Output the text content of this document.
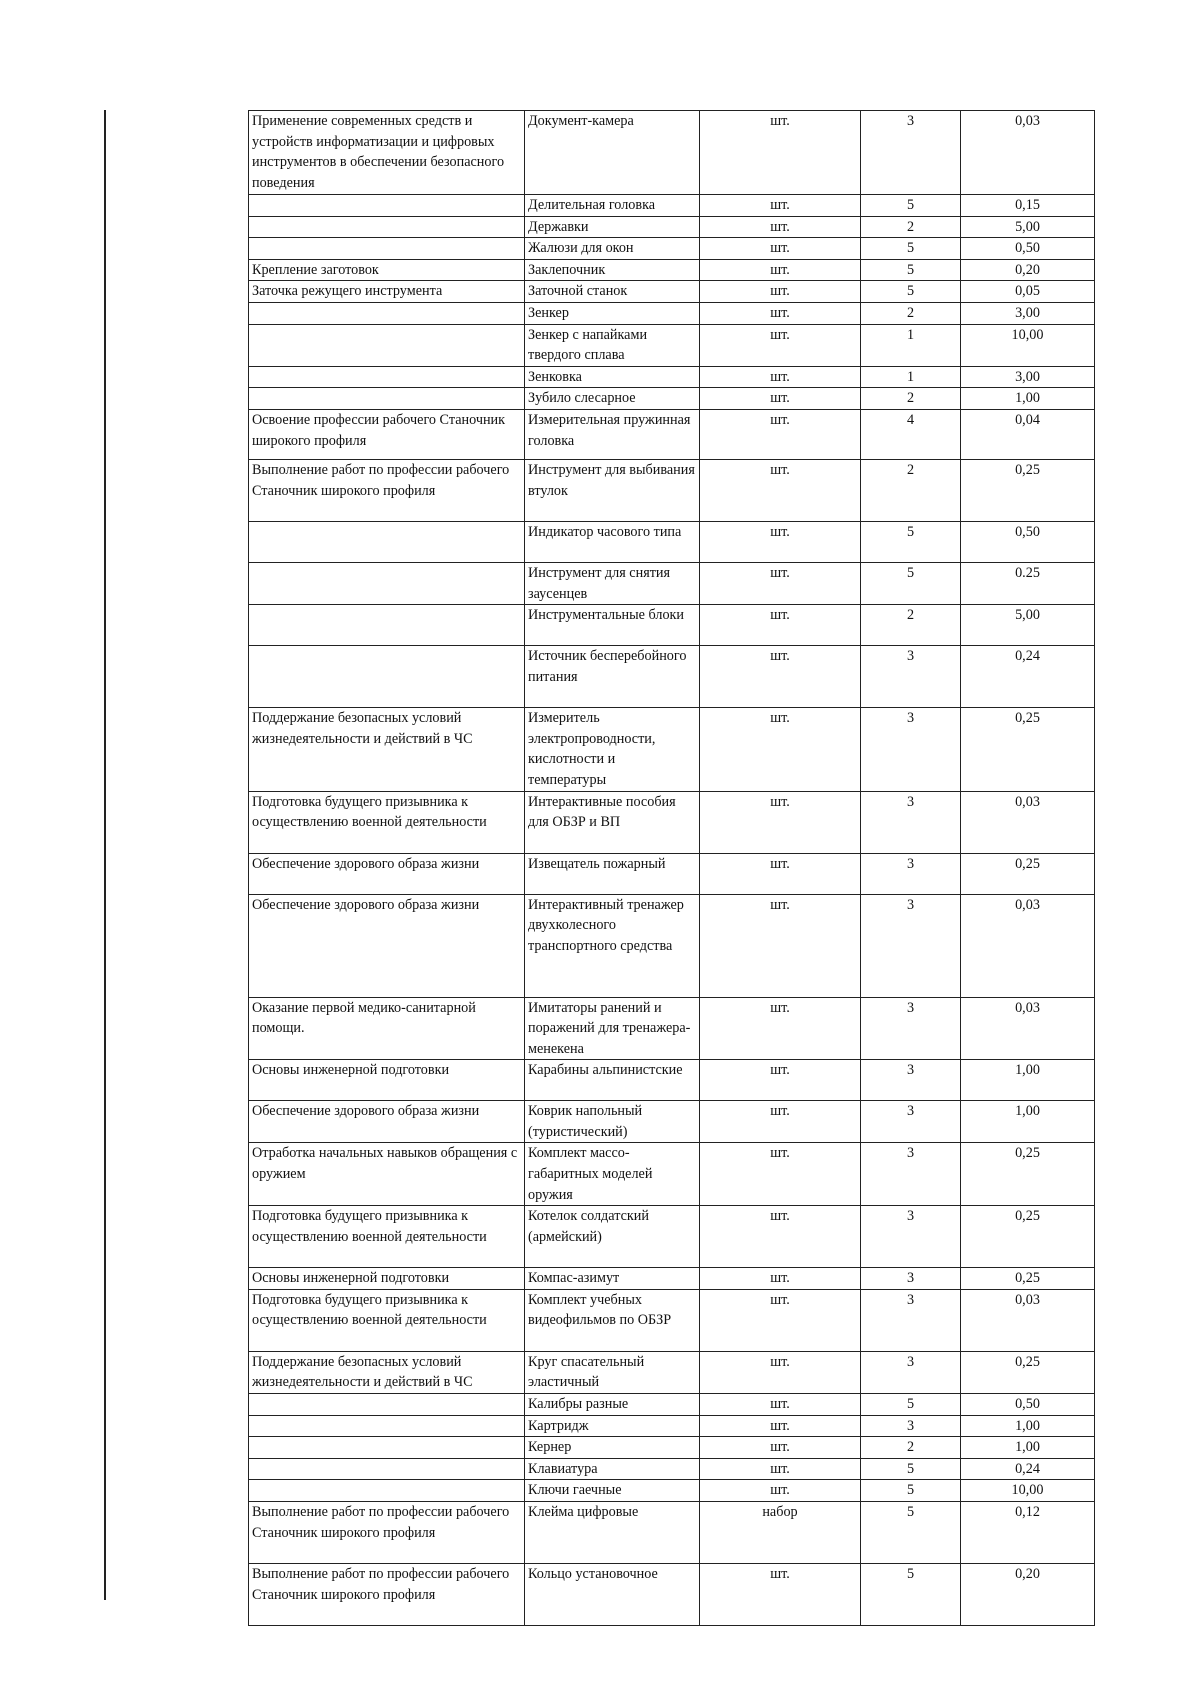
Применение современных средств и устройств информатизации и цифровых инструментов в обеспечении безопасного поведения	Документ-камера	шт.	3	0,03
	Делительная головка	шт.	5	0,15
	Державки	шт.	2	5,00
	Жалюзи для окон	шт.	5	0,50
Крепление заготовок	Заклепочник	шт.	5	0,20
Заточка режущего инструмента	Заточной станок	шт.	5	0,05
	Зенкер	шт.	2	3,00
	Зенкер с напайками твердого сплава	шт.	1	10,00
	Зенковка	шт.	1	3,00
	Зубило слесарное	шт.	2	1,00
Освоение профессии рабочего Станочник широкого профиля	Измерительная пружинная головка	шт.	4	0,04
Выполнение работ по профессии рабочего Станочник широкого профиля	Инструмент для выбивания втулок	шт.	2	0,25
	Индикатор часового типа	шт.	5	0,50
	Инструмент для снятия заусенцев	шт.	5	0.25
	Инструментальные блоки	шт.	2	5,00
	Источник бесперебойного питания	шт.	3	0,24
Поддержание безопасных условий жизнедеятельности и действий в ЧС	Измеритель электропроводности, кислотности и температуры	шт.	3	0,25
Подготовка будущего призывника к осуществлению военной деятельности	Интерактивные пособия для ОБЗР и ВП	шт.	3	0,03
Обеспечение здорового образа жизни	Извещатель пожарный	шт.	3	0,25
Обеспечение здорового образа жизни	Интерактивный тренажер двухколесного транспортного средства	шт.	3	0,03
Оказание первой медико-санитарной помощи.	Имитаторы ранений и поражений для тренажера-менекена	шт.	3	0,03
Основы инженерной подготовки	Карабины альпинистские	шт.	3	1,00
Обеспечение здорового образа жизни	Коврик напольный (туристический)	шт.	3	1,00
Отработка начальных навыков обращения с оружием	Комплект массо-габаритных моделей оружия	шт.	3	0,25
Подготовка будущего призывника к осуществлению военной деятельности	Котелок солдатский (армейский)	шт.	3	0,25
Основы инженерной подготовки	Компас-азимут	шт.	3	0,25
Подготовка будущего призывника к осуществлению военной деятельности	Комплект учебных видеофильмов по ОБЗР	шт.	3	0,03
Поддержание безопасных условий жизнедеятельности и действий в ЧС	Круг спасательный эластичный	шт.	3	0,25
	Калибры разные	шт.	5	0,50
	Картридж	шт.	3	1,00
	Кернер	шт.	2	1,00
	Клавиатура	шт.	5	0,24
	Ключи гаечные	шт.	5	10,00
Выполнение работ по профессии рабочего Станочник широкого профиля	Клейма цифровые	набор	5	0,12
Выполнение работ по профессии рабочего Станочник широкого профиля	Кольцо установочное	шт.	5	0,20
